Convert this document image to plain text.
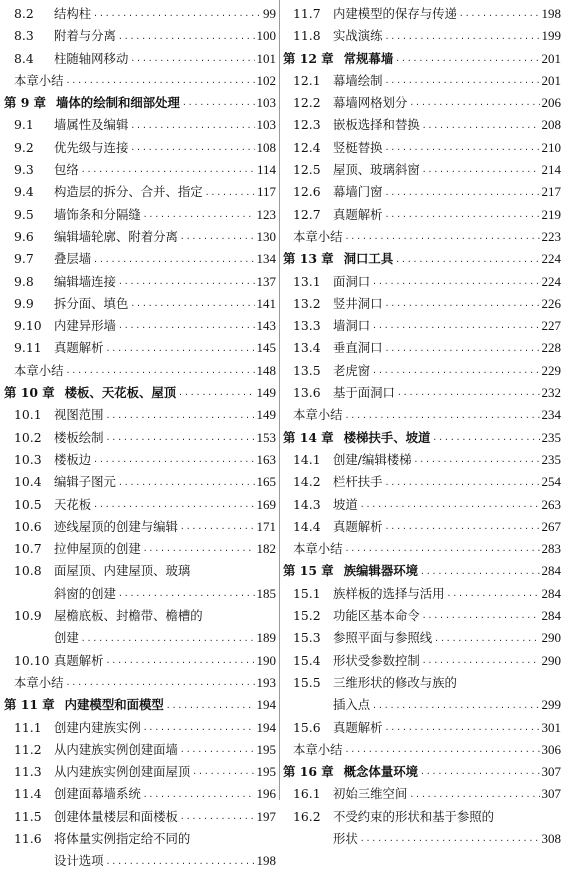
8.2	结构柱 ·····	99
8.3	附着与分离 ·····	100
8.4	柱随轴网移动 ·····	101
本章小结 ·····	102
第 9 章 墙体的绘制和细部处理 ·····	103
9.1	墙属性及编辑 ·····	103
9.2	优先级与连接 ·····	108
9.3	包络 ·····	114
9.4	构造层的拆分、合并、指定 ·····	117
9.5	墙饰条和分隔缝 ·····	123
9.6	编辑墙轮廓、附着分离 ·····	130
9.7	叠层墙 ·····	134
9.8	编辑墙连接 ·····	137
9.9	拆分面、填色 ·····	141
9.10	内建异形墙 ·····	143
9.11	真题解析 ·····	145
本章小结 ·····	148
第 10 章 楼板、天花板、屋顶 ·····	149
10.1	视图范围 ·····	149
10.2	楼板绘制 ·····	153
10.3	楼板边 ·····	163
10.4	编辑子图元 ·····	165
10.5	天花板 ·····	169
10.6	迹线屋顶的创建与编辑 ·····	171
10.7	拉伸屋顶的创建 ·····	182
10.8	面屋顶、内建屋顶、玻璃
斜窗的创建 ·····	185
10.9	屋檐底板、封檐带、檐槽的
创建 ·····	189
10.10 真题解析 ·····	190
本章小结 ·····	193
第 11 章 内建模型和面模型 ·····	194
11.1	创建内建族实例 ·····	194
11.2	从内建族实例创建面墙 ·····	195
11.3	从内建族实例创建面屋顶 ·····	195
11.4	创建面幕墙系统 ·····	196
11.5	创建体量楼层和面楼板 ·····	197
11.6	将体量实例指定给不同的
设计选项 ·····	198
11.7	内建模型的保存与传递 ·····	198
11.8	实战演练 ·····	199
第 12 章 常规幕墙 ·····	201
12.1	幕墙绘制 ·····	201
12.2	幕墙网格划分 ·····	206
12.3	嵌板选择和替换 ·····	208
12.4	竖梃替换 ·····	210
12.5	屋顶、玻璃斜窗 ·····	214
12.6	幕墙门窗 ·····	217
12.7	真题解析 ·····	219
本章小结 ·····	223
第 13 章 洞口工具 ·····	224
13.1	面洞口 ·····	224
13.2	竖井洞口 ·····	226
13.3	墙洞口 ·····	227
13.4	垂直洞口 ·····	228
13.5	老虎窗 ·····	229
13.6	基于面洞口 ·····	232
本章小结 ·····	234
第 14 章 楼梯扶手、坡道 ·····	235
14.1	创建/编辑楼梯 ·····	235
14.2	栏杆扶手 ·····	254
14.3	坡道 ·····	263
14.4	真题解析 ·····	267
本章小结 ·····	283
第 15 章 族编辑器环境 ·····	284
15.1	族样板的选择与活用 ·····	284
15.2	功能区基本命令 ·····	284
15.3	参照平面与参照线 ·····	290
15.4	形状受参数控制 ·····	290
15.5	三维形状的修改与族的
插入点 ·····	299
15.6	真题解析 ·····	301
本章小结 ·····	306
第 16 章 概念体量环境 ·····	307
16.1	初始三维空间 ·····	307
16.2	不受约束的形状和基于参照的
形状 ·····	308
